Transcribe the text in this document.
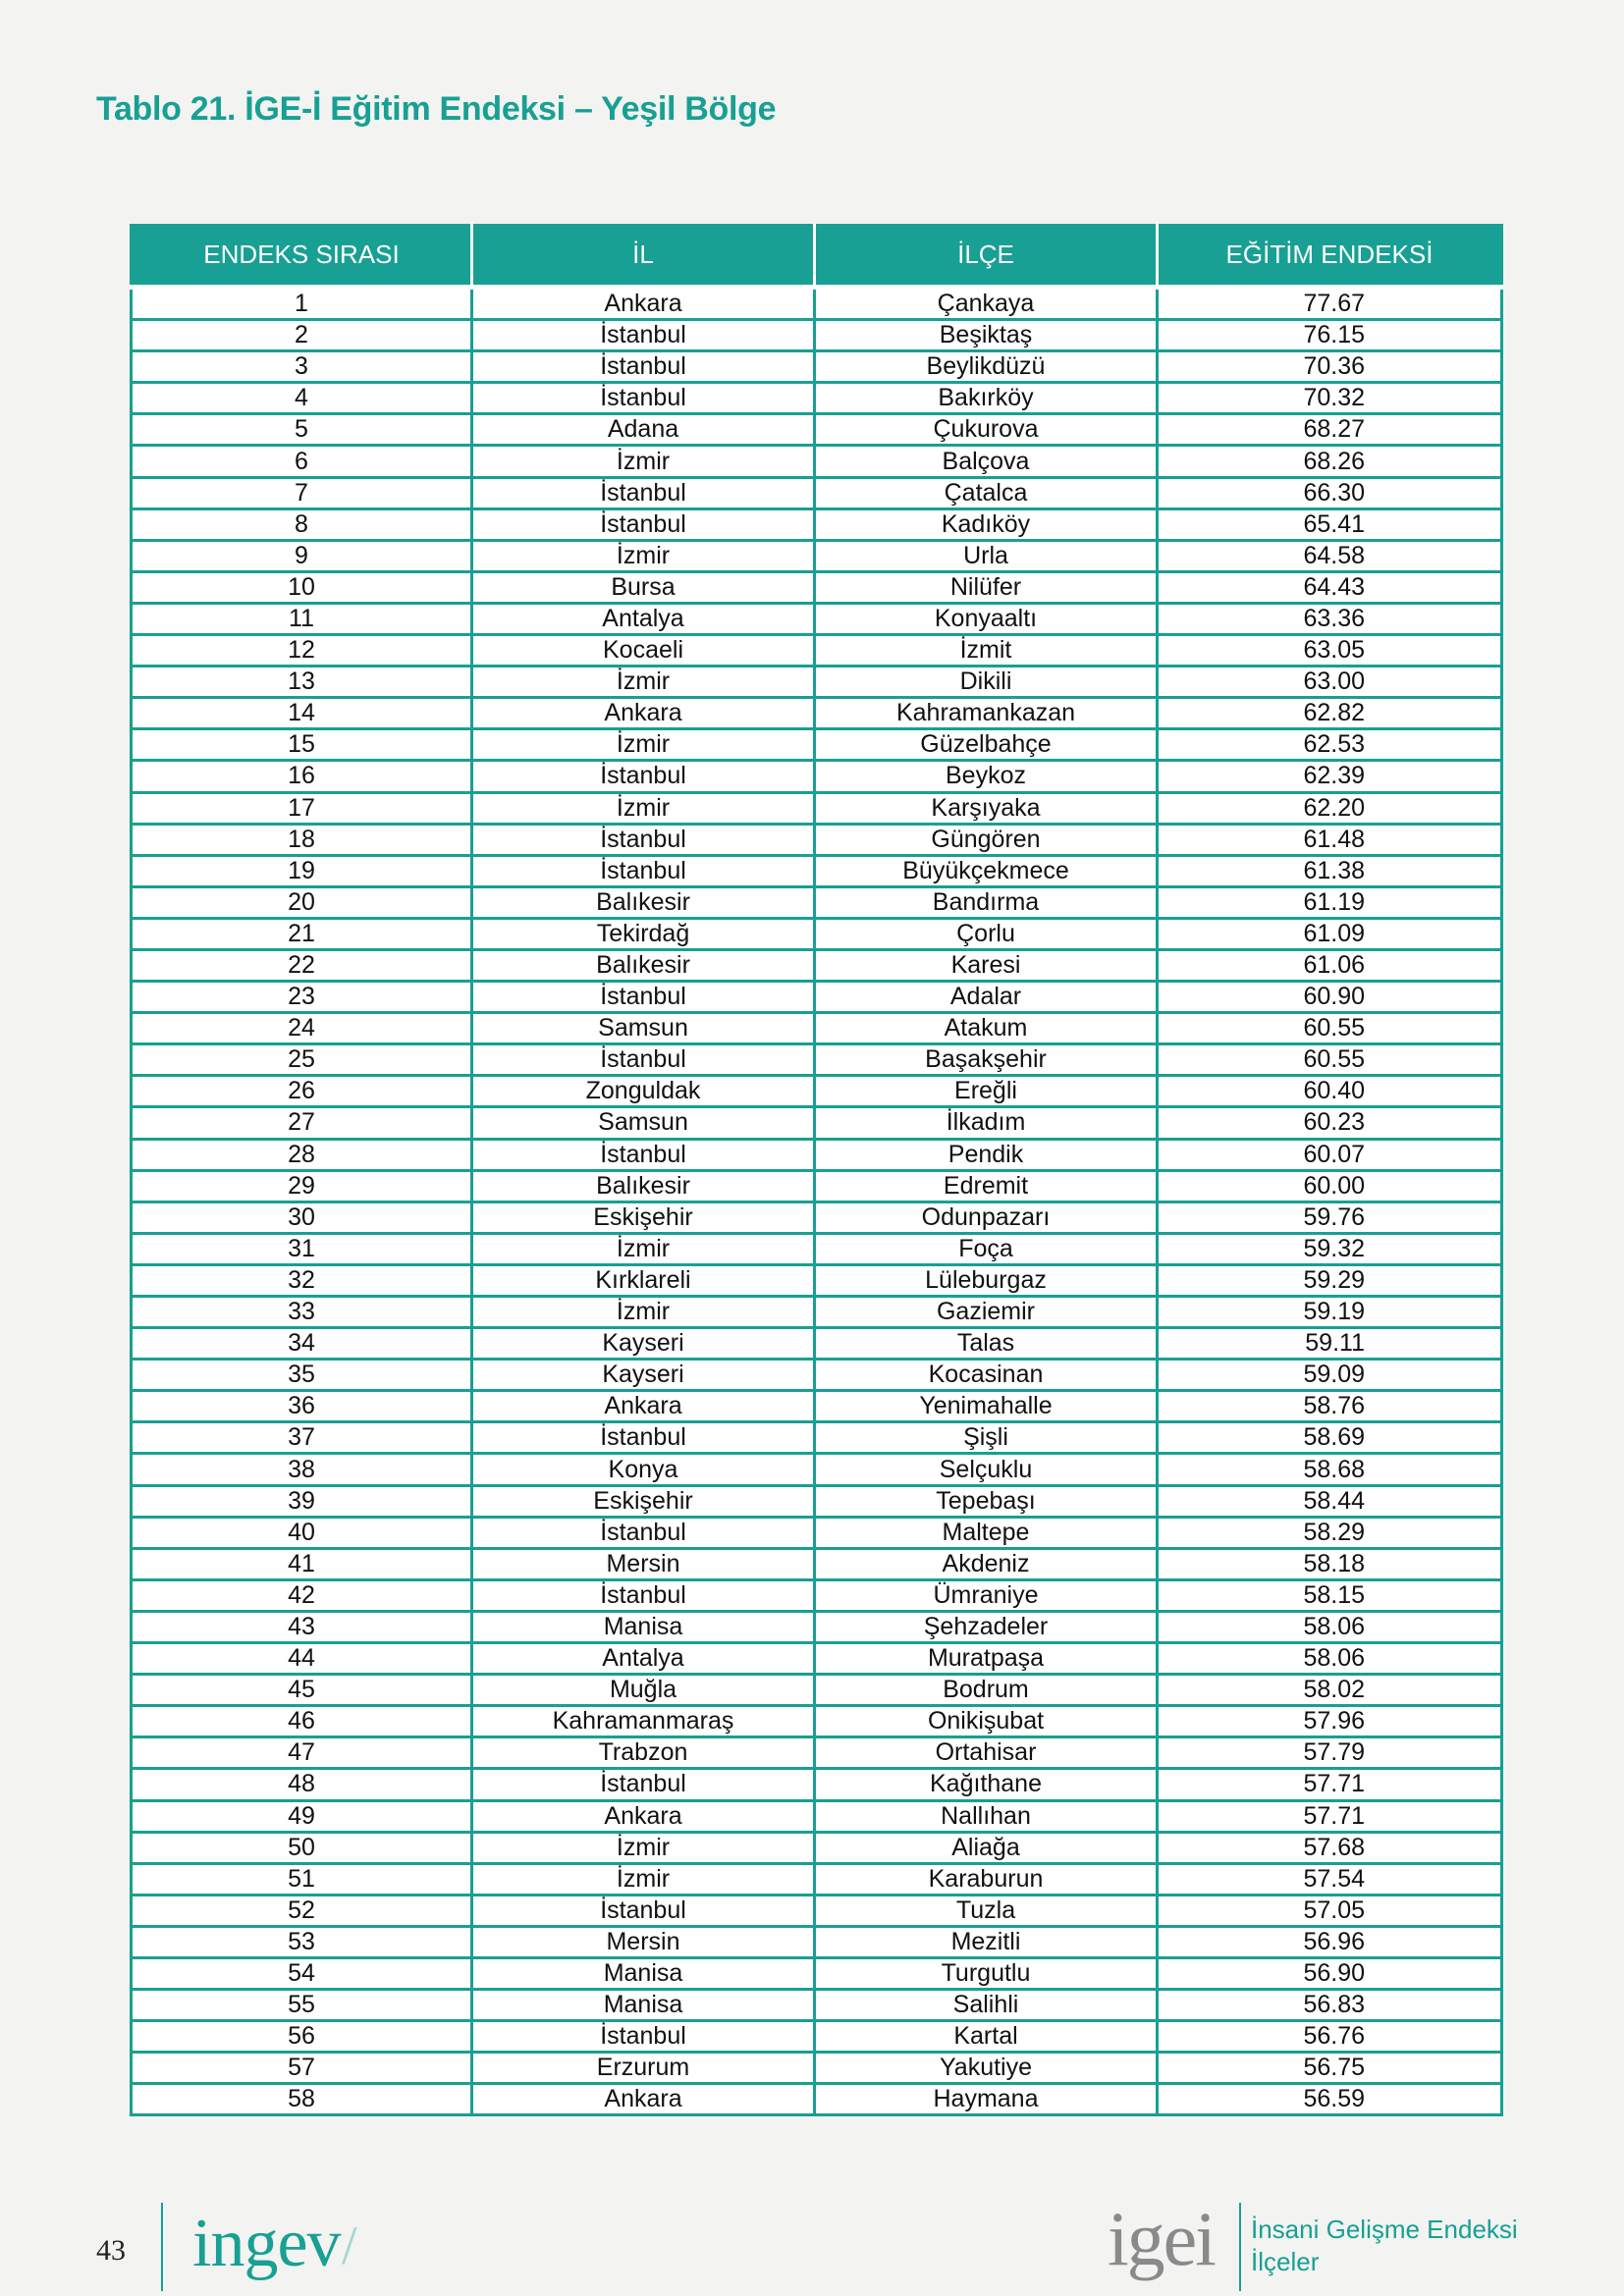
Tablo 21. İGE-İ Eğitim Endeksi – Yeşil Bölge
ENDEKS SIRASI	İL	İLÇE	EĞİTİM ENDEKSİ
1	Ankara	Çankaya	77.67
2	İstanbul	Beşiktaş	76.15
3	İstanbul	Beylikdüzü	70.36
4	İstanbul	Bakırköy	70.32
5	Adana	Çukurova	68.27
6	İzmir	Balçova	68.26
7	İstanbul	Çatalca	66.30
8	İstanbul	Kadıköy	65.41
9	İzmir	Urla	64.58
10	Bursa	Nilüfer	64.43
11	Antalya	Konyaaltı	63.36
12	Kocaeli	İzmit	63.05
13	İzmir	Dikili	63.00
14	Ankara	Kahramankazan	62.82
15	İzmir	Güzelbahçe	62.53
16	İstanbul	Beykoz	62.39
17	İzmir	Karşıyaka	62.20
18	İstanbul	Güngören	61.48
19	İstanbul	Büyükçekmece	61.38
20	Balıkesir	Bandırma	61.19
21	Tekirdağ	Çorlu	61.09
22	Balıkesir	Karesi	61.06
23	İstanbul	Adalar	60.90
24	Samsun	Atakum	60.55
25	İstanbul	Başakşehir	60.55
26	Zonguldak	Ereğli	60.40
27	Samsun	İlkadım	60.23
28	İstanbul	Pendik	60.07
29	Balıkesir	Edremit	60.00
30	Eskişehir	Odunpazarı	59.76
31	İzmir	Foça	59.32
32	Kırklareli	Lüleburgaz	59.29
33	İzmir	Gaziemir	59.19
34	Kayseri	Talas	59.11
35	Kayseri	Kocasinan	59.09
36	Ankara	Yenimahalle	58.76
37	İstanbul	Şişli	58.69
38	Konya	Selçuklu	58.68
39	Eskişehir	Tepebaşı	58.44
40	İstanbul	Maltepe	58.29
41	Mersin	Akdeniz	58.18
42	İstanbul	Ümraniye	58.15
43	Manisa	Şehzadeler	58.06
44	Antalya	Muratpaşa	58.06
45	Muğla	Bodrum	58.02
46	Kahramanmaraş	Onikişubat	57.96
47	Trabzon	Ortahisar	57.79
48	İstanbul	Kağıthane	57.71
49	Ankara	Nallıhan	57.71
50	İzmir	Aliağa	57.68
51	İzmir	Karaburun	57.54
52	İstanbul	Tuzla	57.05
53	Mersin	Mezitli	56.96
54	Manisa	Turgutlu	56.90
55	Manisa	Salihli	56.83
56	İstanbul	Kartal	56.76
57	Erzurum	Yakutiye	56.75
58	Ankara	Haymana	56.59
43 ingev /	igei İnsani Gelişme Endeksi
İlçeler
